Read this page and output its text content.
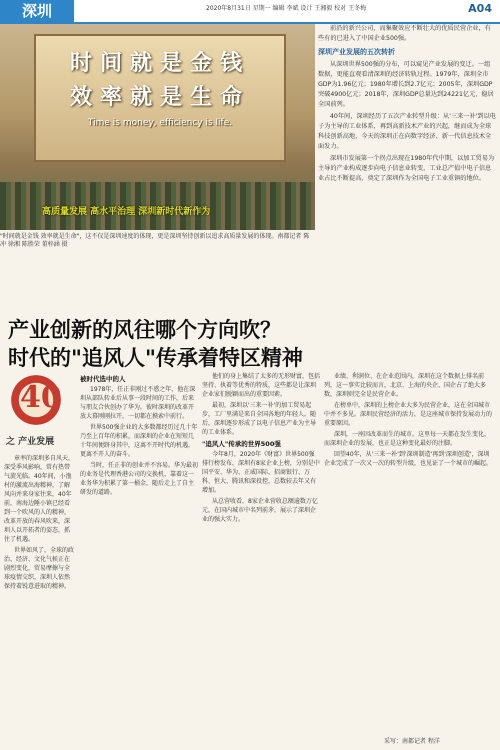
深圳	2020年8月31日 星期一 编辑 李斌 设计 王湘毅 校对 王冬梅	A04
时间就是金钱
效率就是生命
Time is money, efficiency is life.
高质量发展 高水平治理 深圳新时代新作为
"时间就是金钱 效率就是生命"，这不仅是深圳速度的体现，更是深圳坚持创新以追求高质量发展的体现。南都记者 陈冲 徐湘 陈胜荣 董梓涵 摄

前沿的新兴公司，而集聚效应不断壮大的优质民营企业，有些有的已进入了中国企业500强。

深圳产业发展的五次转折

从深圳世界500强的分布，可以窥见产业发展的变迁。一组数据，更能直观看清深圳的经济转轨过程。1979年，深圳全市GDP为1.96亿元；1980年增长到2.7亿元；2005年，深圳GDP突破4900亿元；2018年，深圳GDP总量达到24221亿元，稳居全国前列。

40年间，深圳经历了五次产业转型升级：从'三来一补'到以电子为主导的工业体系，再到高新技术产业的兴起，继而成为全球科技创新高地，今天的深圳正在向数字经济、新一代信息技术全面发力。

深圳市发展第一个拐点出现在1980年代中期，以加工贸易为主导的产业构成逐步向电子信息业转变，工业总产值中电子信息业占比不断提高，奠定了深圳作为全国电子工业重镇的地位。

产业创新的风往哪个方向吹？
时代的"追风人"传承着特区精神
40
之 产业发展

章率的深圳多自风天，深受季风影响，常有热带气旋光临。40年间，小渔村的激流出海精神，了解风向并来身家往来，40年前，南海边陲小镇已经看到一个吹风的人的精神，改革开放的春风吹来，深圳人以开拓者的姿态，抓住了机遇。

世界如风了，全球的政治、经济、文化气候正在剧烈变化，贸易摩擦与全球疫情交织，深圳人依然保持着锐意进取的精神。

被时代选中的人

1978年，任正非刚过不惑之年，他在深圳从部队转业后从事一段时间的工作，后来与朋友合伙创办了华为。彼时深圳的改革开放大幕刚刚拉开，一切都在摸索中前行。

世界500强企业的大多数都经历过几十年乃至上百年的积累，而深圳的企业在短短几十年间便跻身其中，这离不开时代的机遇，更离不开人的奋斗。

当时，任正非的创业并不容易。华为最初的业务是代理香港公司的交换机，靠着这一业务华为积累了第一桶金，随后走上了自主研发的道路。

他们的身上集结了太多的无形财富，包括坚持、执着等优秀的特质，这些都是让深圳企业家们脱颖而出的重要因素。

最初，深圳以'三来一补'的加工贸易起步，工厂里满是来自全国各地的年轻人。随后，深圳逐步形成了以电子信息产业为主导的工业体系。

"追风人"传承的世界500强

今年8月，2020年《财富》世界500强排行榜发布，深圳有8家企业上榜，分别是中国平安、华为、正威国际、招商银行、万科、恒大、腾讯和深投控，总数较去年又有增加。

从总营收看，8家企业营收总额逾数万亿元，在国内城市中名列前茅，展示了深圳企业的强大实力。

业绩、利润位、在企业范围内，深圳在这个数据上排名前列，这一事实比较而言，北京、上海的央企、国企占了绝大多数，深圳则完全是民营企业。

在榜单中，深圳的上榜企业大多为民营企业，这在全国城市中并不多见。深圳民营经济的活力，是这座城市保持发展动力的重要原因。

深圳，一座因改革而生的城市。这里每一天都在发生变化，而深圳企业的发展，也正是这种变化最好的注脚。

回望40年，从'三来一补'到'深圳制造'再到'深圳创造'，深圳企业完成了一次又一次的转型升级，也见证了一个城市的崛起。

采写：南都记者 程洋
